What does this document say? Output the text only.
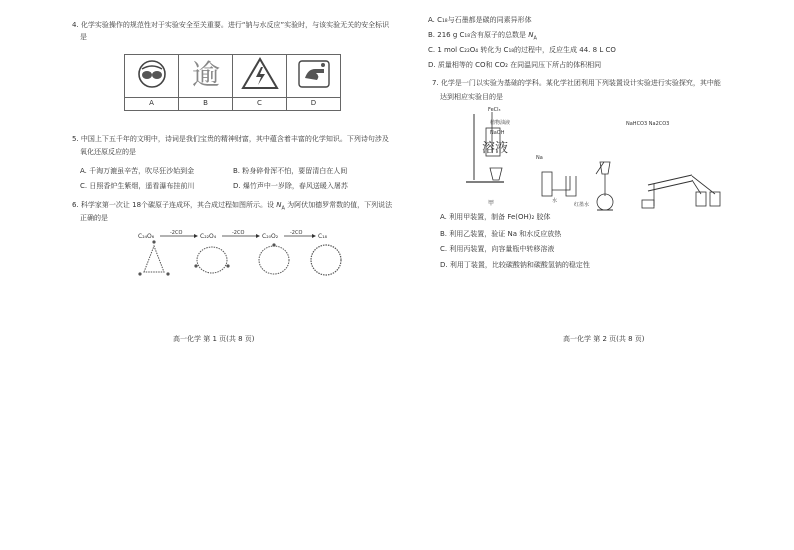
4. 化学实验操作的规范性对于实验安全至关重要。进行“钠与水反应”实验时，与该实验无关的安全标识
是

逾

A	B	C	D
5. 中国上下五千年的文明中，诗词是我们宝贵的精神财富，其中蕴含着丰富的化学知识。下列诗句涉及
氧化还原反应的是
A. 千淘万漉虽辛苦，吹尽狂沙始到金	B. 粉身碎骨浑不怕，要留清白在人间
C. 日照香炉生紫烟，遥看瀑布挂前川	D. 爆竹声中一岁除，春风送暖入屠苏
6. 科学家第一次让 18个碳原子连成环，其合成过程如图所示。设 $N_A$ 为阿伏加德罗常数的值，下列说法
正确的是
C₂₄O₆	-2CO	C₂₂O₄	-2CO	C₂₀O₂ -2CO	C₁₈
高一化学 第 1 页(共 8 页)
A. C₁₈与石墨都是碳的同素异形体
B. 216 g C₁₈含有原子的总数是 $N_A$
C. 1 mol C₂₂O₄ 转化为 C₁₈的过程中，反应生成 44. 8 L CO
D. 质量相等的 CO和 CO₂ 在同温同压下所占的体积相同
7. 化学是一门以实验为基础的学科。某化学社团利用下列装置设计实验进行实验探究，其中能
达到相应实验目的是
FeCl₃
植物油液
NaOH
溶液
甲
Na
水
红墨水
NaHCO3 Na2CO3
A. 利用甲装置，制备 Fe(OH)₂ 胶体
B. 利用乙装置，验证 Na 和水反应放热
C. 利用丙装置，向容量瓶中转移溶液
D. 利用丁装置，比较碳酸钠和碳酸氢钠的稳定性
高一化学 第 2 页(共 8 页)
